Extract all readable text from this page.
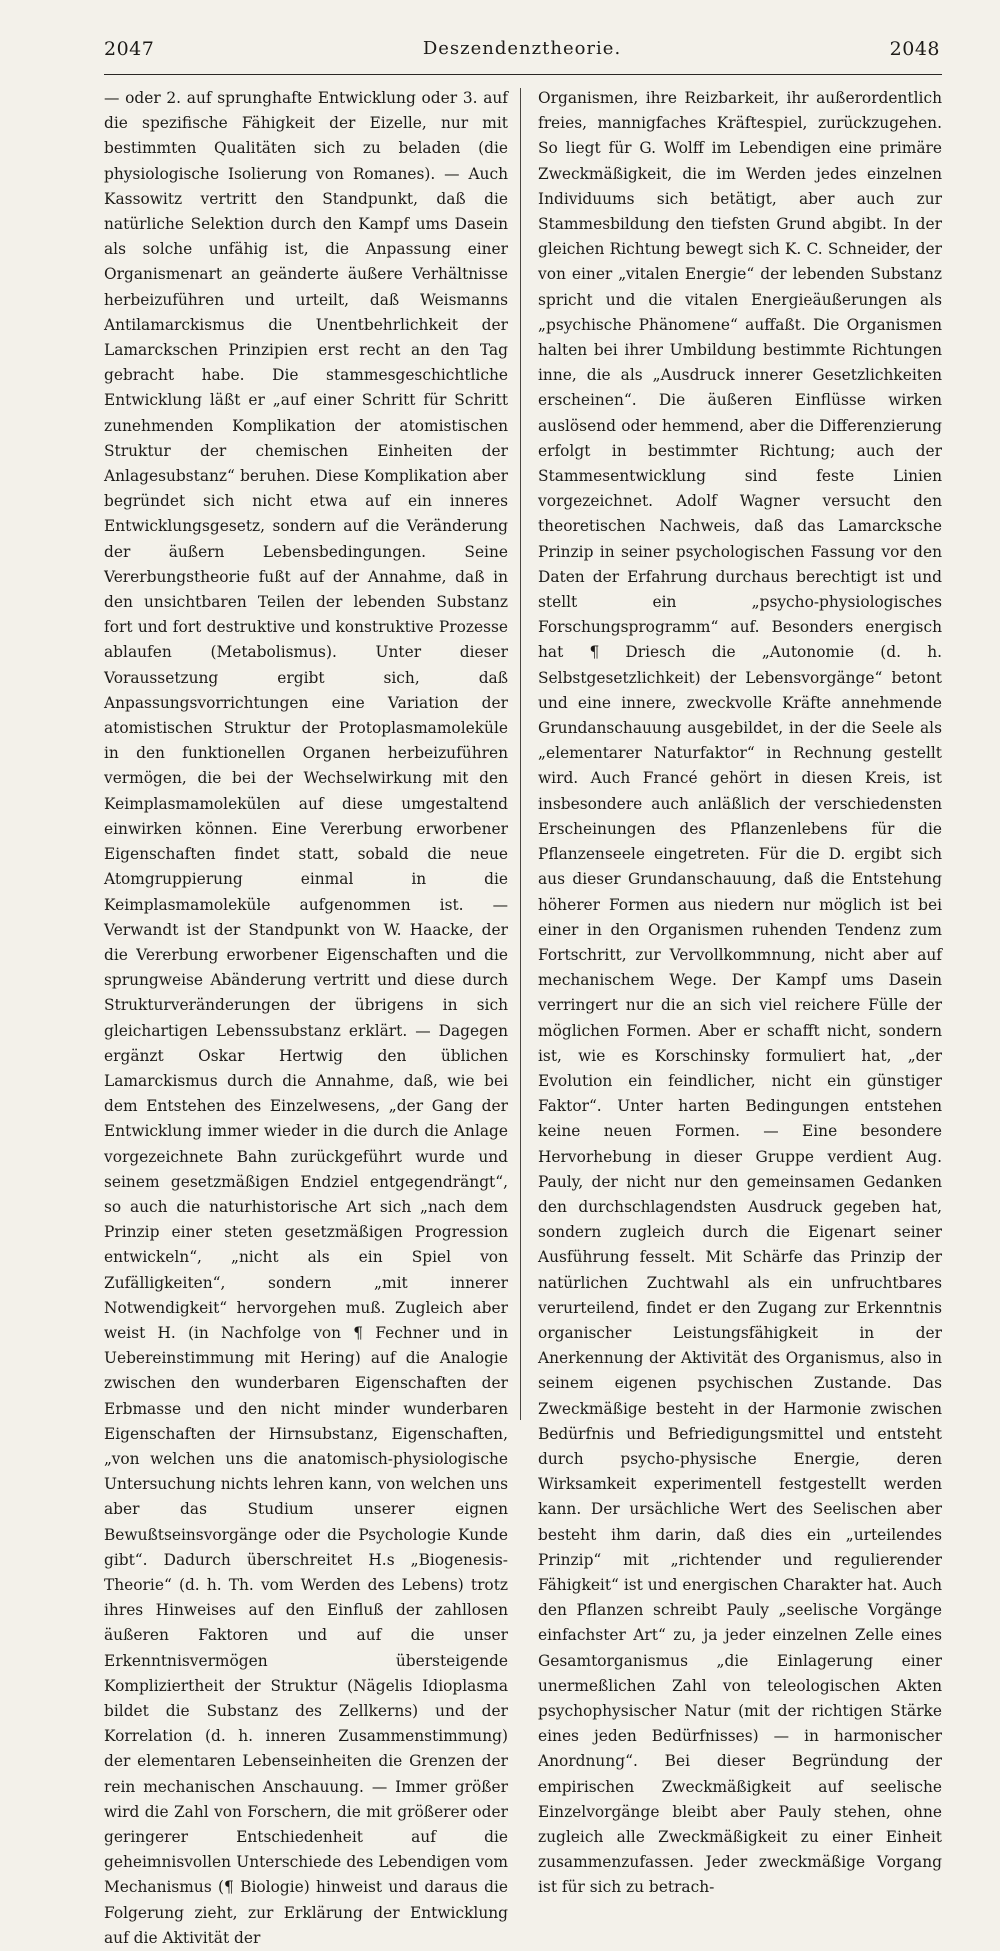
2047	Deszendenztheorie.	2048

— oder 2. auf sprunghafte Entwicklung oder 3. auf die spezifische Fähigkeit der Eizelle, nur mit bestimmten Qualitäten sich zu beladen (die physiologische Isolierung von Romanes). — Auch Kassowitz vertritt den Standpunkt, daß die natürliche Selektion durch den Kampf ums Dasein als solche unfähig ist, die Anpassung einer Organismenart an geänderte äußere Verhältnisse herbeizuführen und urteilt, daß Weismanns Antilamarckismus die Unentbehrlichkeit der Lamarckschen Prinzipien erst recht an den Tag gebracht habe. Die stammesgeschichtliche Entwicklung läßt er „auf einer Schritt für Schritt zunehmenden Komplikation der atomistischen Struktur der chemischen Einheiten der Anlagesubstanz“ beruhen. Diese Komplikation aber begründet sich nicht etwa auf ein inneres Entwicklungsgesetz, sondern auf die Veränderung der äußern Lebensbedingungen. Seine Vererbungstheorie fußt auf der Annahme, daß in den unsichtbaren Teilen der lebenden Substanz fort und fort destruktive und konstruktive Prozesse ablaufen (Metabolismus). Unter dieser Voraussetzung ergibt sich, daß Anpassungsvorrichtungen eine Variation der atomistischen Struktur der Protoplasmamoleküle in den funktionellen Organen herbeizuführen vermögen, die bei der Wechselwirkung mit den Keimplasmamolekülen auf diese umgestaltend einwirken können. Eine Vererbung erworbener Eigenschaften findet statt, sobald die neue Atomgruppierung einmal in die Keimplasmamoleküle aufgenommen ist. — Verwandt ist der Standpunkt von W. Haacke, der die Vererbung erworbener Eigenschaften und die sprungweise Abänderung vertritt und diese durch Strukturveränderungen der übrigens in sich gleichartigen Lebenssubstanz erklärt. — Dagegen ergänzt Oskar Hertwig den üblichen Lamarckismus durch die Annahme, daß, wie bei dem Entstehen des Einzelwesens, „der Gang der Entwicklung immer wieder in die durch die Anlage vorgezeichnete Bahn zurückgeführt wurde und seinem gesetzmäßigen Endziel entgegendrängt“, so auch die naturhistorische Art sich „nach dem Prinzip einer steten gesetzmäßigen Progression entwickeln“, „nicht als ein Spiel von Zufälligkeiten“, sondern „mit innerer Notwendigkeit“ hervorgehen muß. Zugleich aber weist H. (in Nachfolge von ¶ Fechner und in Uebereinstimmung mit Hering) auf die Analogie zwischen den wunderbaren Eigenschaften der Erbmasse und den nicht minder wunderbaren Eigenschaften der Hirnsubstanz, Eigenschaften, „von welchen uns die anatomisch-physiologische Untersuchung nichts lehren kann, von welchen uns aber das Studium unserer eignen Bewußtseinsvorgänge oder die Psychologie Kunde gibt“. Dadurch überschreitet H.s „Biogenesis-Theorie“ (d. h. Th. vom Werden des Lebens) trotz ihres Hinweises auf den Einfluß der zahllosen äußeren Faktoren und auf die unser Erkenntnisvermögen übersteigende Kompliziertheit der Struktur (Nägelis Idioplasma bildet die Substanz des Zellkerns) und der Korrelation (d. h. inneren Zusammenstimmung) der elementaren Lebenseinheiten die Grenzen der rein mechanischen Anschauung. — Immer größer wird die Zahl von Forschern, die mit größerer oder geringerer Entschiedenheit auf die geheimnisvollen Unterschiede des Lebendigen vom Mechanismus (¶ Biologie) hinweist und daraus die Folgerung zieht, zur Erklärung der Entwicklung auf die Aktivität der

Organismen, ihre Reizbarkeit, ihr außerordentlich freies, mannigfaches Kräftespiel, zurückzugehen. So liegt für G. Wolff im Lebendigen eine primäre Zweckmäßigkeit, die im Werden jedes einzelnen Individuums sich betätigt, aber auch zur Stammesbildung den tiefsten Grund abgibt. In der gleichen Richtung bewegt sich K. C. Schneider, der von einer „vitalen Energie“ der lebenden Substanz spricht und die vitalen Energieäußerungen als „psychische Phänomene“ auffaßt. Die Organismen halten bei ihrer Umbildung bestimmte Richtungen inne, die als „Ausdruck innerer Gesetzlichkeiten erscheinen“. Die äußeren Einflüsse wirken auslösend oder hemmend, aber die Differenzierung erfolgt in bestimmter Richtung; auch der Stammesentwicklung sind feste Linien vorgezeichnet. Adolf Wagner versucht den theoretischen Nachweis, daß das Lamarcksche Prinzip in seiner psychologischen Fassung vor den Daten der Erfahrung durchaus berechtigt ist und stellt ein „psycho-physiologisches Forschungsprogramm“ auf. Besonders energisch hat ¶ Driesch die „Autonomie (d. h. Selbstgesetzlichkeit) der Lebensvorgänge“ betont und eine innere, zweckvolle Kräfte annehmende Grundanschauung ausgebildet, in der die Seele als „elementarer Naturfaktor“ in Rechnung gestellt wird. Auch Francé gehört in diesen Kreis, ist insbesondere auch anläßlich der verschiedensten Erscheinungen des Pflanzenlebens für die Pflanzenseele eingetreten. Für die D. ergibt sich aus dieser Grundanschauung, daß die Entstehung höherer Formen aus niedern nur möglich ist bei einer in den Organismen ruhenden Tendenz zum Fortschritt, zur Vervollkommnung, nicht aber auf mechanischem Wege. Der Kampf ums Dasein verringert nur die an sich viel reichere Fülle der möglichen Formen. Aber er schafft nicht, sondern ist, wie es Korschinsky formuliert hat, „der Evolution ein feindlicher, nicht ein günstiger Faktor“. Unter harten Bedingungen entstehen keine neuen Formen. — Eine besondere Hervorhebung in dieser Gruppe verdient Aug. Pauly, der nicht nur den gemeinsamen Gedanken den durchschlagendsten Ausdruck gegeben hat, sondern zugleich durch die Eigenart seiner Ausführung fesselt. Mit Schärfe das Prinzip der natürlichen Zuchtwahl als ein unfruchtbares verurteilend, findet er den Zugang zur Erkenntnis organischer Leistungsfähigkeit in der Anerkennung der Aktivität des Organismus, also in seinem eigenen psychischen Zustande. Das Zweckmäßige besteht in der Harmonie zwischen Bedürfnis und Befriedigungsmittel und entsteht durch psycho-physische Energie, deren Wirksamkeit experimentell festgestellt werden kann. Der ursächliche Wert des Seelischen aber besteht ihm darin, daß dies ein „urteilendes Prinzip“ mit „richtender und regulierender Fähigkeit“ ist und energischen Charakter hat. Auch den Pflanzen schreibt Pauly „seelische Vorgänge einfachster Art“ zu, ja jeder einzelnen Zelle eines Gesamtorganismus „die Einlagerung einer unermeßlichen Zahl von teleologischen Akten psychophysischer Natur (mit der richtigen Stärke eines jeden Bedürfnisses) — in harmonischer Anordnung“. Bei dieser Begründung der empirischen Zweckmäßigkeit auf seelische Einzelvorgänge bleibt aber Pauly stehen, ohne zugleich alle Zweckmäßigkeit zu einer Einheit zusammenzufassen. Jeder zweckmäßige Vorgang ist für sich zu betrach-
